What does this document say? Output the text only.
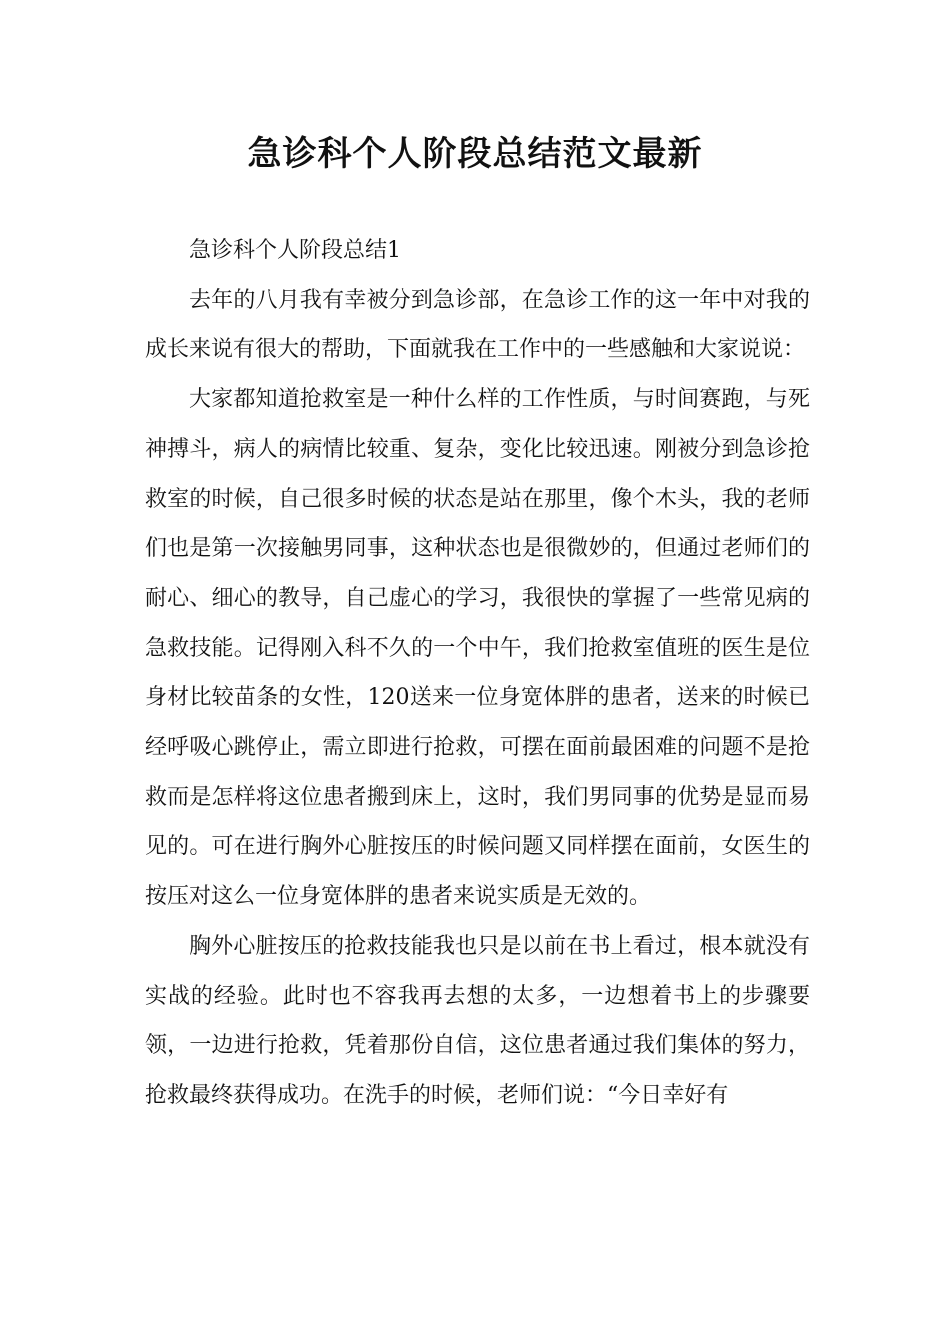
急诊科个人阶段总结范文最新

急诊科个人阶段总结1

去年的八月我有幸被分到急诊部，在急诊工作的这一年中对我的成长来说有很大的帮助，下面就我在工作中的一些感触和大家说说：

大家都知道抢救室是一种什么样的工作性质，与时间赛跑，与死神搏斗，病人的病情比较重、复杂，变化比较迅速。刚被分到急诊抢救室的时候，自己很多时候的状态是站在那里，像个木头，我的老师们也是第一次接触男同事，这种状态也是很微妙的，但通过老师们的耐心、细心的教导，自己虚心的学习，我很快的掌握了一些常见病的急救技能。记得刚入科不久的一个中午，我们抢救室值班的医生是位身材比较苗条的女性，120送来一位身宽体胖的患者，送来的时候已经呼吸心跳停止，需立即进行抢救，可摆在面前最困难的问题不是抢救而是怎样将这位患者搬到床上，这时，我们男同事的优势是显而易见的。可在进行胸外心脏按压的时候问题又同样摆在面前，女医生的按压对这么一位身宽体胖的患者来说实质是无效的。

胸外心脏按压的抢救技能我也只是以前在书上看过，根本就没有实战的经验。此时也不容我再去想的太多，一边想着书上的步骤要领，一边进行抢救，凭着那份自信，这位患者通过我们集体的努力，抢救最终获得成功。在洗手的时候，老师们说：“今日幸好有
